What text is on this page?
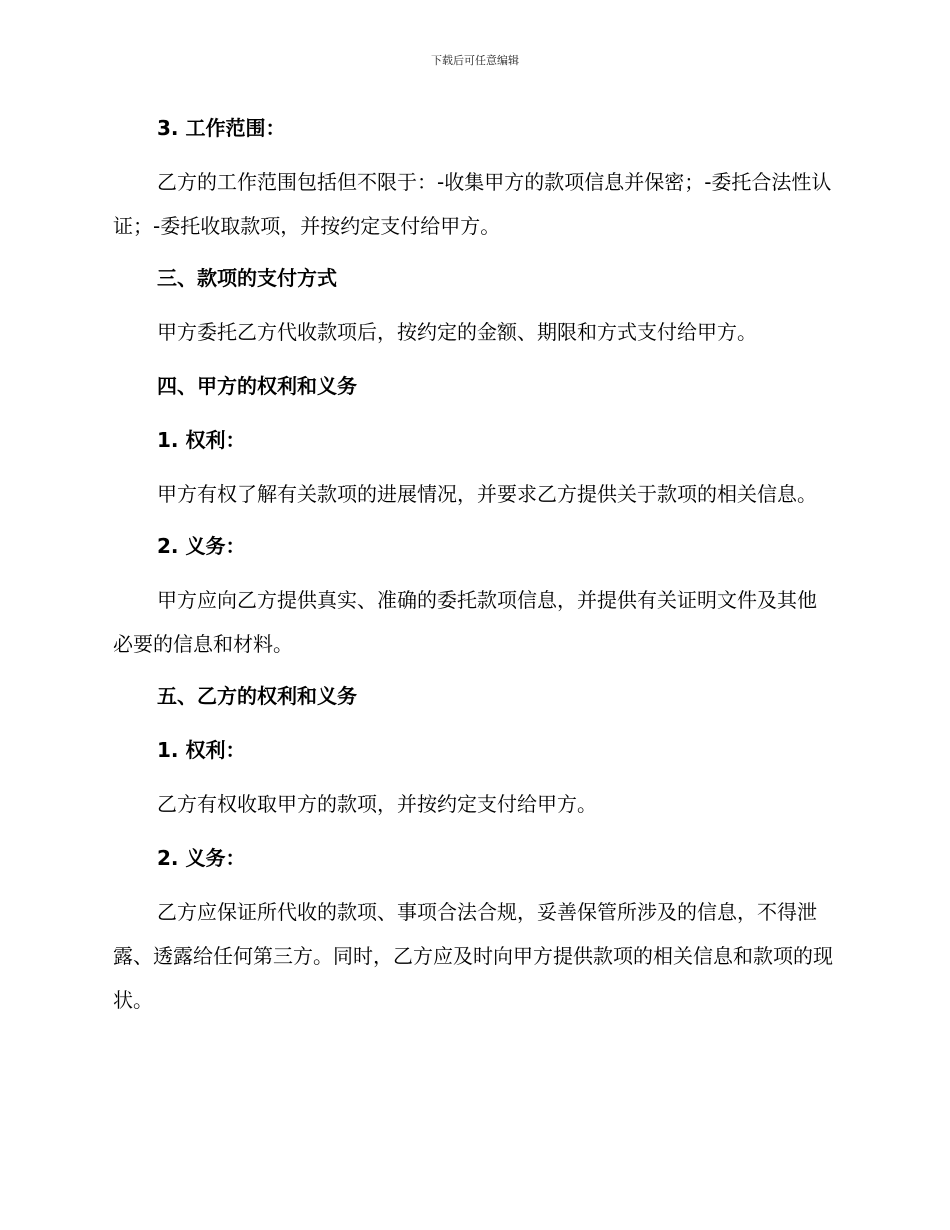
下载后可任意编辑
3. 工作范围：
乙方的工作范围包括但不限于：-收集甲方的款项信息并保密；-委托合法性认证；-委托收取款项，并按约定支付给甲方。
三、款项的支付方式
甲方委托乙方代收款项后，按约定的金额、期限和方式支付给甲方。
四、甲方的权利和义务
1. 权利：
甲方有权了解有关款项的进展情况，并要求乙方提供关于款项的相关信息。
2. 义务：
甲方应向乙方提供真实、准确的委托款项信息，并提供有关证明文件及其他必要的信息和材料。
五、乙方的权利和义务
1. 权利：
乙方有权收取甲方的款项，并按约定支付给甲方。
2. 义务：
乙方应保证所代收的款项、事项合法合规，妥善保管所涉及的信息，不得泄露、透露给任何第三方。同时，乙方应及时向甲方提供款项的相关信息和款项的现状。
